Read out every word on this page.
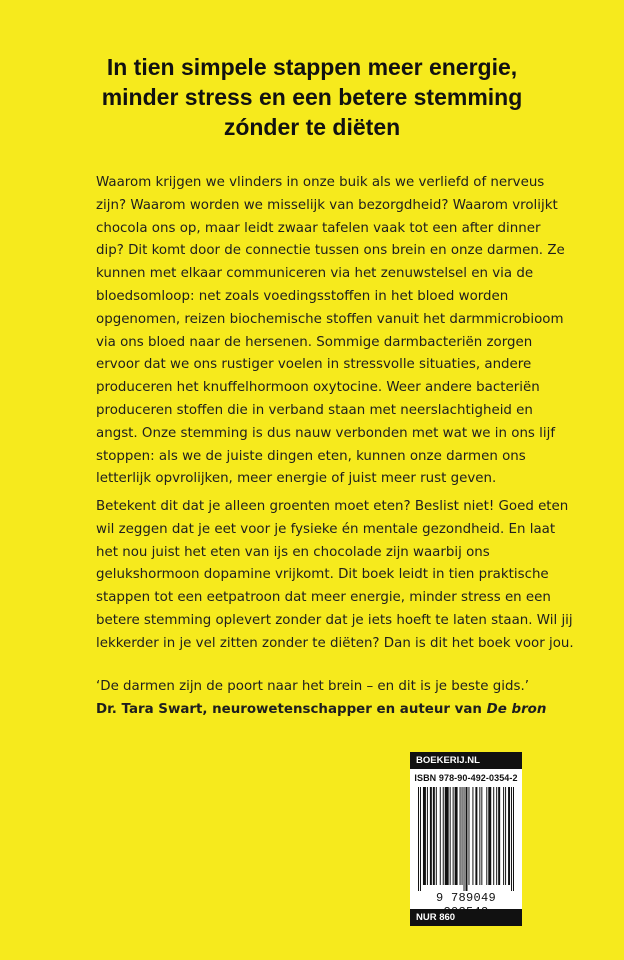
In tien simpele stappen meer energie,
minder stress en een betere stemming
zónder te diëten
Waarom krijgen we vlinders in onze buik als we verliefd of nerveus
zijn? Waarom worden we misselijk van bezorgdheid? Waarom vrolijkt
chocola ons op, maar leidt zwaar tafelen vaak tot een after dinner
dip? Dit komt door de connectie tussen ons brein en onze darmen. Ze
kunnen met elkaar communiceren via het zenuwstelsel en via de
bloedsomloop: net zoals voedingsstoffen in het bloed worden
opgenomen, reizen biochemische stoffen vanuit het darmmicrobioom
via ons bloed naar de hersenen. Sommige darmbacteriën zorgen
ervoor dat we ons rustiger voelen in stressvolle situaties, andere
produceren het knuffelhormoon oxytocine. Weer andere bacteriën
produceren stoffen die in verband staan met neerslachtigheid en
angst. Onze stemming is dus nauw verbonden met wat we in ons lijf
stoppen: als we de juiste dingen eten, kunnen onze darmen ons
letterlijk opvrolijken, meer energie of juist meer rust geven.
Betekent dit dat je alleen groenten moet eten? Beslist niet! Goed eten
wil zeggen dat je eet voor je fysieke én mentale gezondheid. En laat
het nou juist het eten van ijs en chocolade zijn waarbij ons
gelukshormoon dopamine vrijkomt. Dit boek leidt in tien praktische
stappen tot een eetpatroon dat meer energie, minder stress en een
betere stemming oplevert zonder dat je iets hoeft te laten staan. Wil jij
lekkerder in je vel zitten zonder te diëten? Dan is dit het boek voor jou.
‘De darmen zijn de poort naar het brein – en dit is je beste gids.’
Dr. Tara Swart, neurowetenschapper en auteur van De bron
BOEKERIJ.NL
ISBN 978-90-492-0354-2
9 789049
NUR 860
